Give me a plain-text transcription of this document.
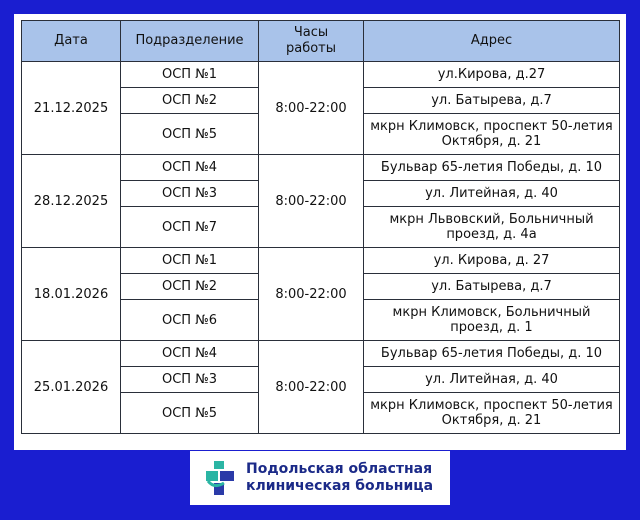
Дата	Подразделение	Часы работы	Адрес
21.12.2025	ОСП №1	8:00-22:00	ул.Кирова, д.27
	ОСП №2		ул. Батырева, д.7
	ОСП №5		мкрн Климовск, проспект 50-летия Октября, д. 21
28.12.2025	ОСП №4	8:00-22:00	Бульвар 65-летия Победы, д. 10
	ОСП №3		ул. Литейная, д. 40
	ОСП №7		мкрн Львовский, Больничный проезд, д. 4а
18.01.2026	ОСП №1	8:00-22:00	ул. Кирова, д. 27
	ОСП №2		ул. Батырева, д.7
	ОСП №6		мкрн Климовск, Больничный проезд, д. 1
25.01.2026	ОСП №4	8:00-22:00	Бульвар 65-летия Победы, д. 10
	ОСП №3		ул. Литейная, д. 40
	ОСП №5		мкрн Климовск, проспект 50-летия Октября, д. 21
Подольская областная
клиническая больница
